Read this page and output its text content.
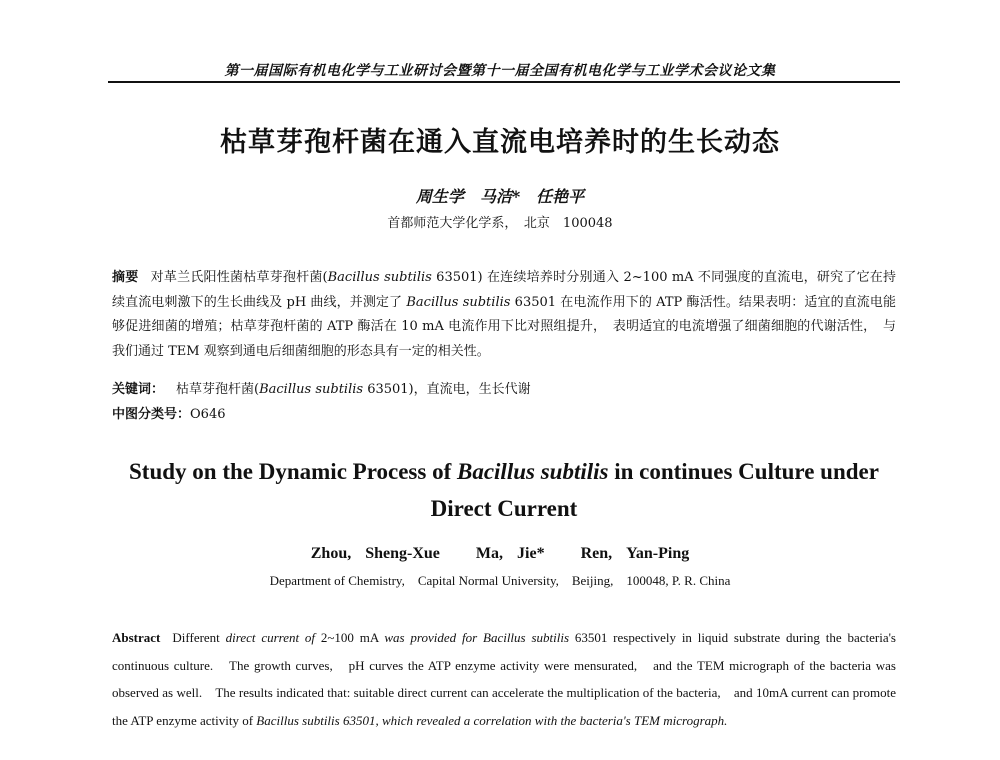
第一届国际有机电化学与工业研讨会暨第十一届全国有机电化学与工业学术会议论文集
枯草芽孢杆菌在通入直流电培养时的生长动态
周生学　马洁*　任艳平
首都师范大学化学系，　北京　100048
摘要 对革兰氏阳性菌枯草芽孢杆菌(Bacillus subtilis 63501) 在连续培养时分别通入 2~100 mA 不同强度的直流电，研究了它在持续直流电刺激下的生长曲线及 pH 曲线，并测定了 Bacillus subtilis 63501 在电流作用下的 ATP 酶活性。结果表明：适宜的直流电能够促进细菌的增殖；枯草芽孢杆菌的 ATP 酶活在 10 mA 电流作用下比对照组提升，　表明适宜的电流增强了细菌细胞的代谢活性，　与我们通过 TEM 观察到通电后细菌细胞的形态具有一定的相关性。
关键词： 枯草芽孢杆菌(Bacillus subtilis 63501)，直流电，生长代谢
中图分类号：O646
Study on the Dynamic Process of Bacillus subtilis in continues Culture under Direct Current
Zhou, Sheng-Xue Ma, Jie* Ren, Yan-Ping
Department of Chemistry,　Capital Normal University,　Beijing,　100048, P. R. China
Abstract Different direct current of 2~100 mA was provided for Bacillus subtilis 63501 respectively in liquid substrate during the bacteria's continuous culture.　The growth curves,　pH curves the ATP enzyme activity were mensurated,　and the TEM micrograph of the bacteria was observed as well.　The results indicated that: suitable direct current can accelerate the multiplication of the bacteria,　and 10mA current can promote the ATP enzyme activity of Bacillus subtilis 63501, which revealed a correlation with the bacteria's TEM micrograph.
